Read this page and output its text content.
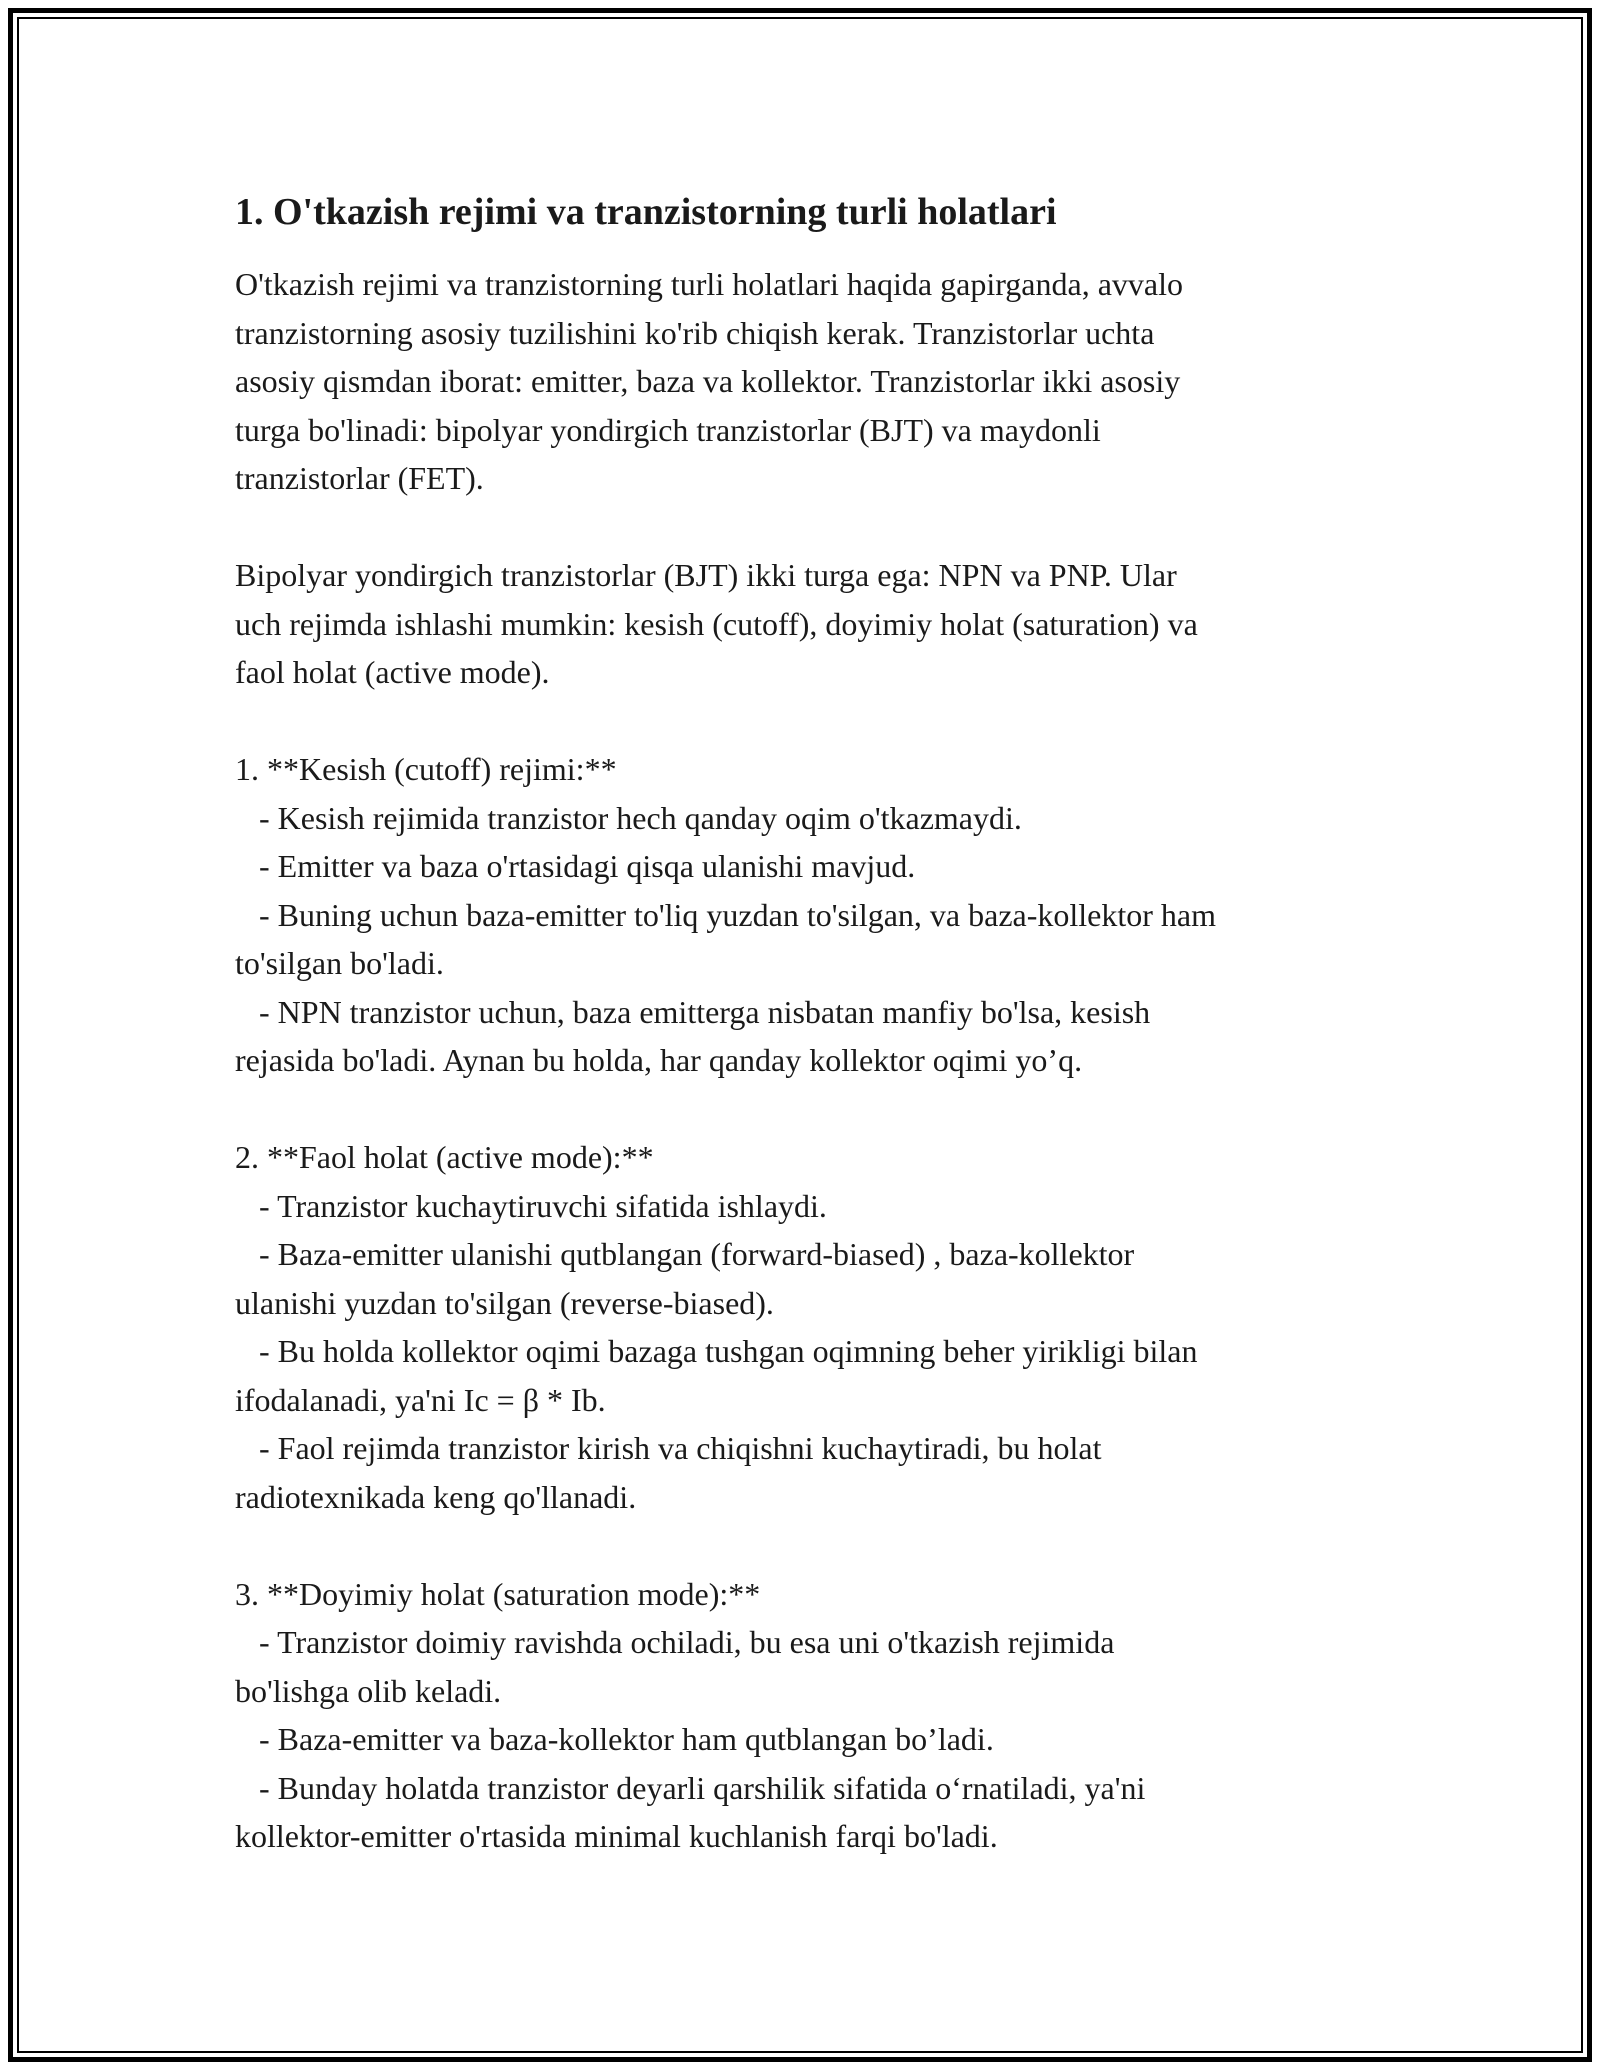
1. O'tkazish rejimi va tranzistorning turli holatlari

O'tkazish rejimi va tranzistorning turli holatlari haqida gapirganda, avvalo
tranzistorning asosiy tuzilishini ko'rib chiqish kerak. Tranzistorlar uchta
asosiy qismdan iborat: emitter, baza va kollektor. Tranzistorlar ikki asosiy
turga bo'linadi: bipolyar yondirgich tranzistorlar (BJT) va maydonli
tranzistorlar (FET).

Bipolyar yondirgich tranzistorlar (BJT) ikki turga ega: NPN va PNP. Ular
uch rejimda ishlashi mumkin: kesish (cutoff), doyimiy holat (saturation) va
faol holat (active mode).

1. **Kesish (cutoff) rejimi:**
- Kesish rejimida tranzistor hech qanday oqim o'tkazmaydi.
- Emitter va baza o'rtasidagi qisqa ulanishi mavjud.
- Buning uchun baza-emitter to'liq yuzdan to'silgan, va baza-kollektor ham
to'silgan bo'ladi.
- NPN tranzistor uchun, baza emitterga nisbatan manfiy bo'lsa, kesish
rejasida bo'ladi. Aynan bu holda, har qanday kollektor oqimi yo’q.

2. **Faol holat (active mode):**
- Tranzistor kuchaytiruvchi sifatida ishlaydi.
- Baza-emitter ulanishi qutblangan (forward-biased) , baza-kollektor
ulanishi yuzdan to'silgan (reverse-biased).
- Bu holda kollektor oqimi bazaga tushgan oqimning beher yirikligi bilan
ifodalanadi, ya'ni Ic = β * Ib.
- Faol rejimda tranzistor kirish va chiqishni kuchaytiradi, bu holat
radiotexnikada keng qo'llanadi.

3. **Doyimiy holat (saturation mode):**
- Tranzistor doimiy ravishda ochiladi, bu esa uni o'tkazish rejimida
bo'lishga olib keladi.
- Baza-emitter va baza-kollektor ham qutblangan bo’ladi.
- Bunday holatda tranzistor deyarli qarshilik sifatida o‘rnatiladi, ya'ni
kollektor-emitter o'rtasida minimal kuchlanish farqi bo'ladi.
